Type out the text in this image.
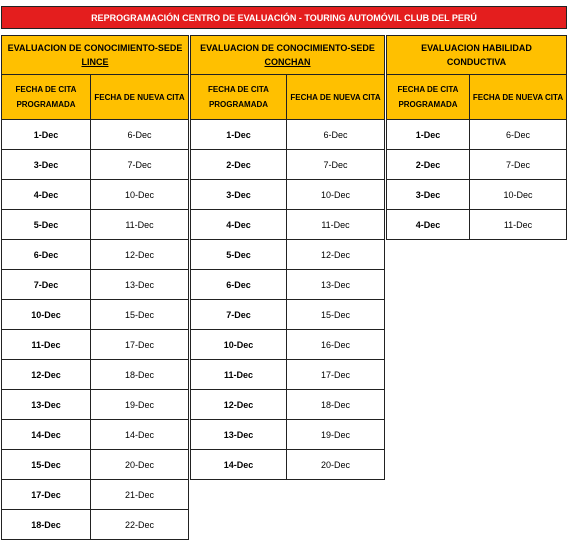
REPROGRAMACIÓN CENTRO DE EVALUACIÓN - TOURING AUTOMÓVIL CLUB DEL PERÚ
EVALUACION DE CONOCIMIENTO-SEDE
LINCE
FECHA DE CITA PROGRAMADA
FECHA DE NUEVA CITA
1-Dec	6-Dec
3-Dec	7-Dec
4-Dec	10-Dec
5-Dec	11-Dec
6-Dec	12-Dec
7-Dec	13-Dec
10-Dec	15-Dec
11-Dec	17-Dec
12-Dec	18-Dec
13-Dec	19-Dec
14-Dec	14-Dec
15-Dec	20-Dec
17-Dec	21-Dec
18-Dec	22-Dec
EVALUACION DE CONOCIMIENTO-SEDE
CONCHAN
FECHA DE CITA PROGRAMADA
FECHA DE NUEVA CITA
1-Dec	6-Dec
2-Dec	7-Dec
3-Dec	10-Dec
4-Dec	11-Dec
5-Dec	12-Dec
6-Dec	13-Dec
7-Dec	15-Dec
10-Dec	16-Dec
11-Dec	17-Dec
12-Dec	18-Dec
13-Dec	19-Dec
14-Dec	20-Dec
EVALUACION HABILIDAD
CONDUCTIVA
FECHA DE CITA PROGRAMADA
FECHA DE NUEVA CITA
1-Dec	6-Dec
2-Dec	7-Dec
3-Dec	10-Dec
4-Dec	11-Dec
